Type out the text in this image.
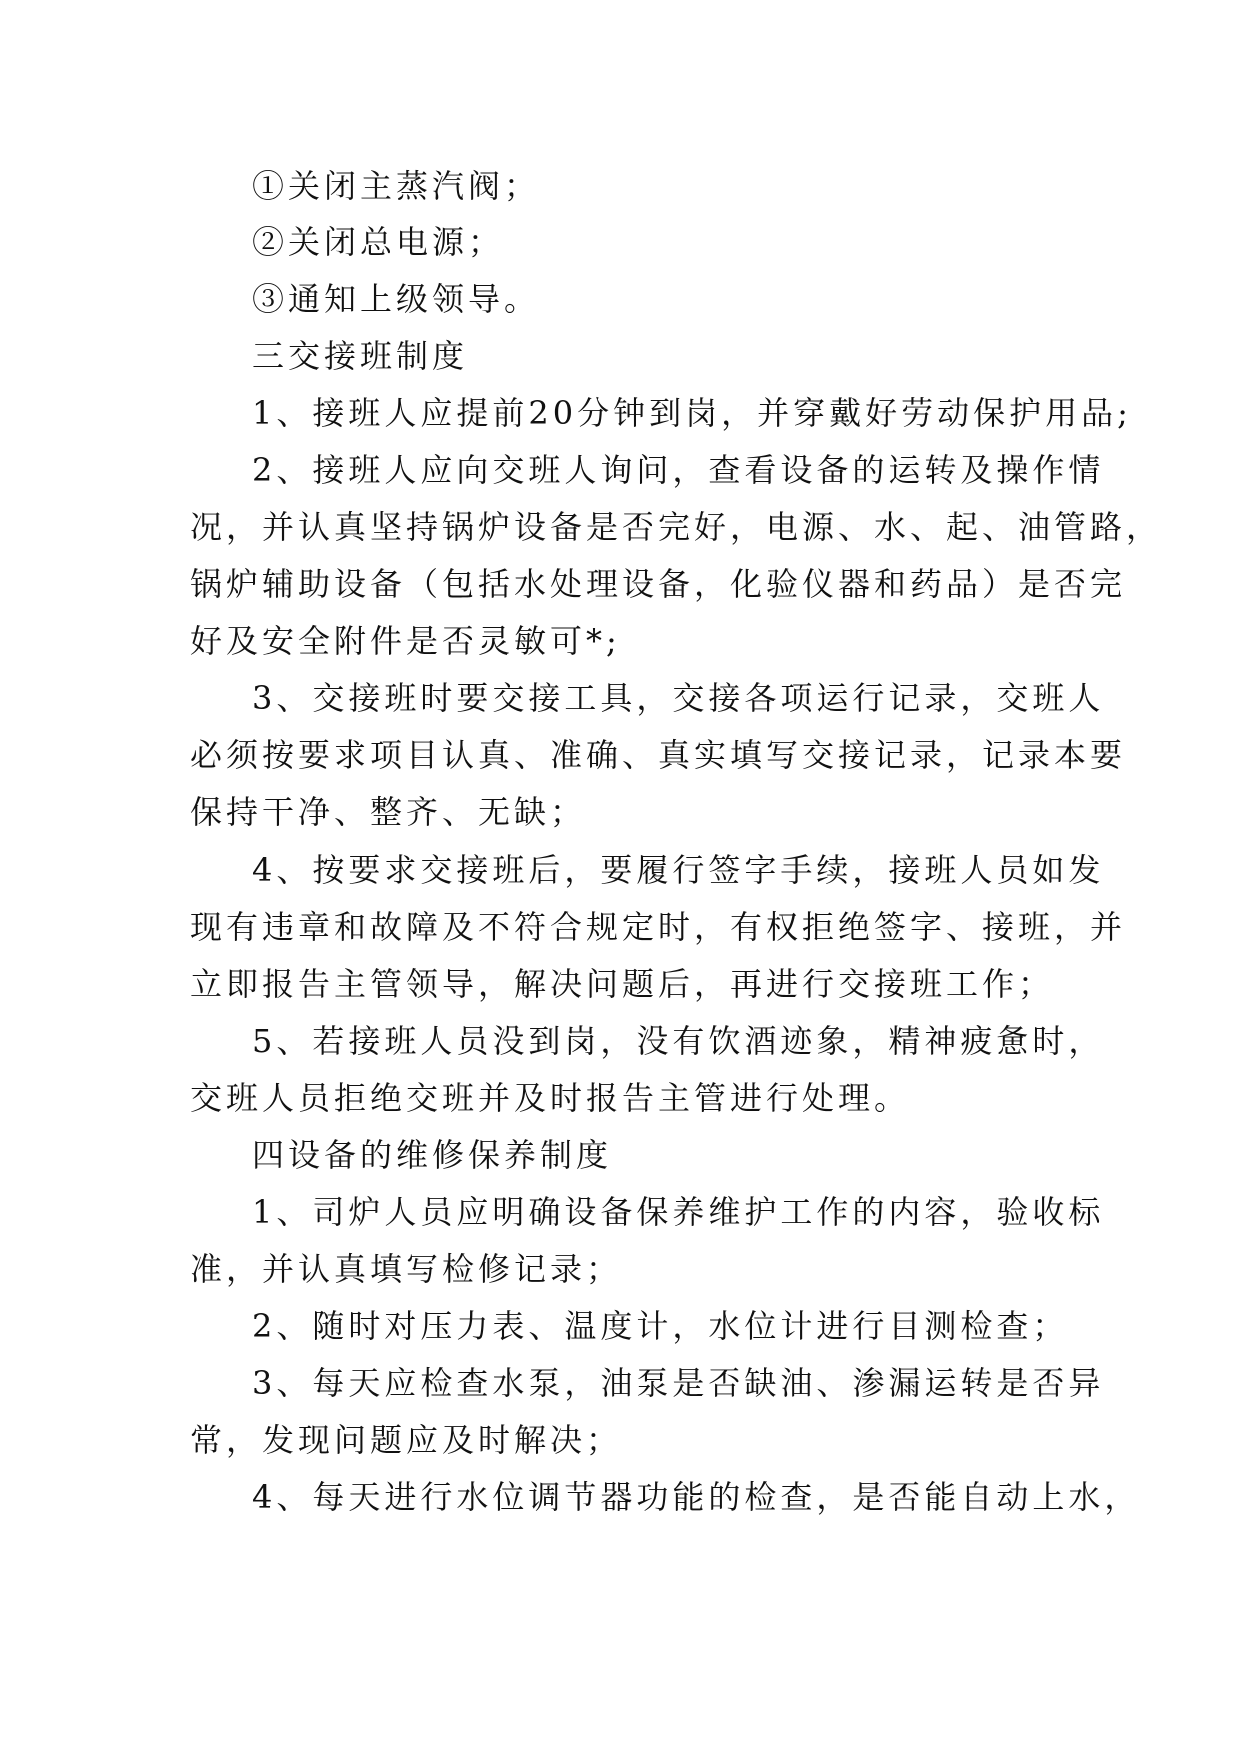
①关闭主蒸汽阀；
②关闭总电源；
③通知上级领导。
三交接班制度
1、接班人应提前20分钟到岗，并穿戴好劳动保护用品;
2、接班人应向交班人询问，查看设备的运转及操作情
况，并认真坚持锅炉设备是否完好，电源、水、起、油管路，
锅炉辅助设备（包括水处理设备，化验仪器和药品）是否完
好及安全附件是否灵敏可*;
3、交接班时要交接工具，交接各项运行记录，交班人
必须按要求项目认真、准确、真实填写交接记录，记录本要
保持干净、整齐、无缺；
4、按要求交接班后，要履行签字手续，接班人员如发
现有违章和故障及不符合规定时，有权拒绝签字、接班，并
立即报告主管领导，解决问题后，再进行交接班工作；
5、若接班人员没到岗，没有饮酒迹象，精神疲惫时，
交班人员拒绝交班并及时报告主管进行处理。
四设备的维修保养制度
1、司炉人员应明确设备保养维护工作的内容，验收标
准，并认真填写检修记录；
2、随时对压力表、温度计，水位计进行目测检查；
3、每天应检查水泵，油泵是否缺油、渗漏运转是否异
常，发现问题应及时解决；
4、每天进行水位调节器功能的检查，是否能自动上水，
